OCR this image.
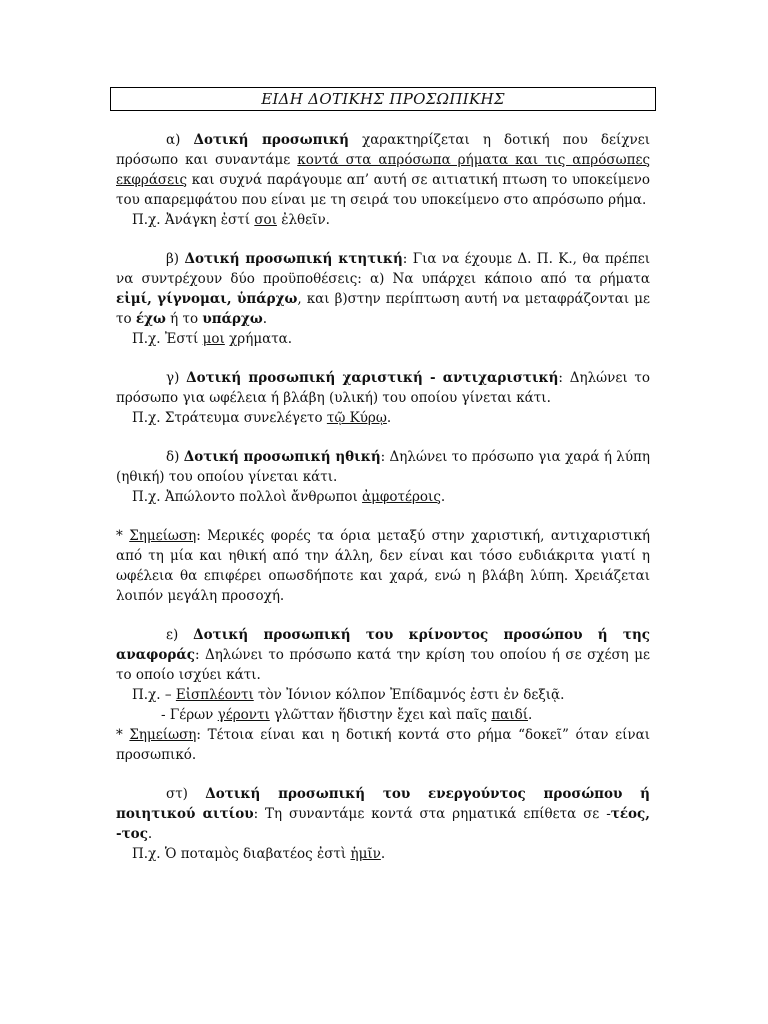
ΕΙΔΗ ΔΟΤΙΚΗΣ ΠΡΟΣΩΠΙΚΗΣ

α) Δοτική προσωπική χαρακτηρίζεται η δοτική που δείχνει πρόσωπο και συναντάμε κοντά στα απρόσωπα ρήματα και τις απρόσωπες εκφράσεις και συχνά παράγουμε απ’ αυτή σε αιτιατική πτωση το υποκείμενο του απαρεμφάτου που είναι με τη σειρά του υποκείμενο στο απρόσωπο ρήμα.

Π.χ. Ἀνάγκη ἐστί σοι ἐλθεῖν.

β) Δοτική προσωπική κτητική: Για να έχουμε Δ. Π. Κ., θα πρέπει να συντρέχουν δύο προϋποθέσεις: α) Να υπάρχει κάποιο από τα ρήματα εἰμί, γίγνομαι, ὑπάρχω, και β)στην περίπτωση αυτή να μεταφράζονται με το έχω ή το υπάρχω.

Π.χ. Ἐστί μοι χρήματα.

γ) Δοτική προσωπική χαριστική - αντιχαριστική: Δηλώνει το πρόσωπο για ωφέλεια ή βλάβη (υλική) του οποίου γίνεται κάτι.

Π.χ. Στράτευμα συνελέγετο τῷ Κύρῳ.

δ) Δοτική προσωπική ηθική: Δηλώνει το πρόσωπο για χαρά ή λύπη (ηθική) του οποίου γίνεται κάτι.

Π.χ. Ἀπώλοντο πολλοὶ ἄνθρωποι ἀμφοτέροις.

* Σημείωση: Μερικές φορές τα όρια μεταξύ στην χαριστική, αντιχαριστική από τη μία και ηθική από την άλλη, δεν είναι και τόσο ευδιάκριτα γιατί η ωφέλεια θα επιφέρει οπωσδήποτε και χαρά, ενώ η βλάβη λύπη. Χρειάζεται λοιπόν μεγάλη προσοχή.

ε) Δοτική προσωπική του κρίνοντος προσώπου ή της αναφοράς: Δηλώνει το πρόσωπο κατά την κρίση του οποίου ή σε σχέση με το οποίο ισχύει κάτι.

Π.χ. – Εἰσπλέοντι τὸν Ἰόνιον κόλπον Ἐπίδαμνός ἐστι ἐν δεξιᾷ.

- Γέρων γέροντι γλῶτταν ἥδιστην ἔχει καὶ παῖς παιδί.

* Σημείωση: Τέτοια είναι και η δοτική κοντά στο ρήμα “δοκεῖ” όταν είναι προσωπικό.

στ) Δοτική προσωπική του ενεργούντος προσώπου ή ποιητικού αιτίου: Τη συναντάμε κοντά στα ρηματικά επίθετα σε -τέος, -τος.

Π.χ. Ὁ ποταμὸς διαβατέος ἐστὶ ἡμῖν.
